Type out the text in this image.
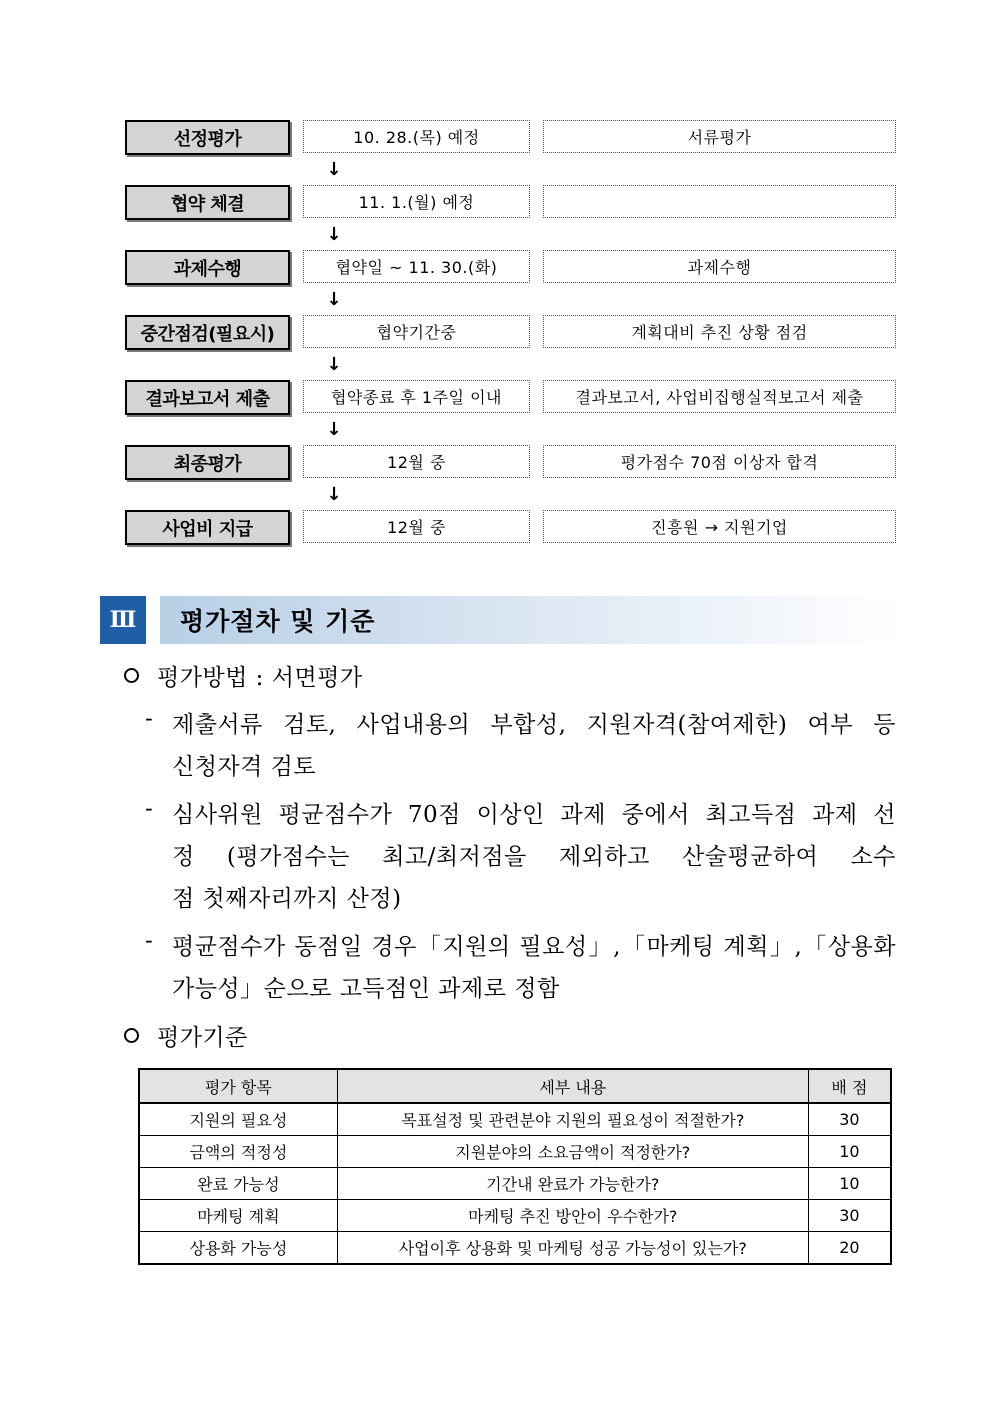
선정평가	10. 28.(목) 예정	서류평가
↓
협약 체결	11. 1.(월) 예정
↓
과제수행	협약일 ~ 11. 30.(화)	과제수행
↓
중간점검(필요시)	협약기간중	계획대비 추진 상황 점검
↓
결과보고서 제출	협약종료 후 1주일 이내	결과보고서, 사업비집행실적보고서 제출
↓
최종평가	12월 중	평가점수 70점 이상자 합격
↓
사업비 지급	12월 중	진흥원 → 지원기업
Ⅲ	평가절차 및 기준
평가방법 : 서면평가
- 제출서류 검토, 사업내용의 부합성, 지원자격(참여제한) 여부 등
신청자격 검토
- 심사위원 평균점수가 70점 이상인 과제 중에서 최고득점 과제 선
정 (평가점수는 최고/최저점을 제외하고 산술평균하여 소수
점 첫째자리까지 산정)
- 평균점수가 동점일 경우「지원의 필요성」,「마케팅 계획」,「상용화
가능성」순으로 고득점인 과제로 정함
평가기준
평가 항목	세부 내용	배 점
지원의 필요성	목표설정 및 관련분야 지원의 필요성이 적절한가?	30
금액의 적정성	지원분야의 소요금액이 적정한가?	10
완료 가능성	기간내 완료가 가능한가?	10
마케팅 계획	마케팅 추진 방안이 우수한가?	30
상용화 가능성	사업이후 상용화 및 마케팅 성공 가능성이 있는가?	20
